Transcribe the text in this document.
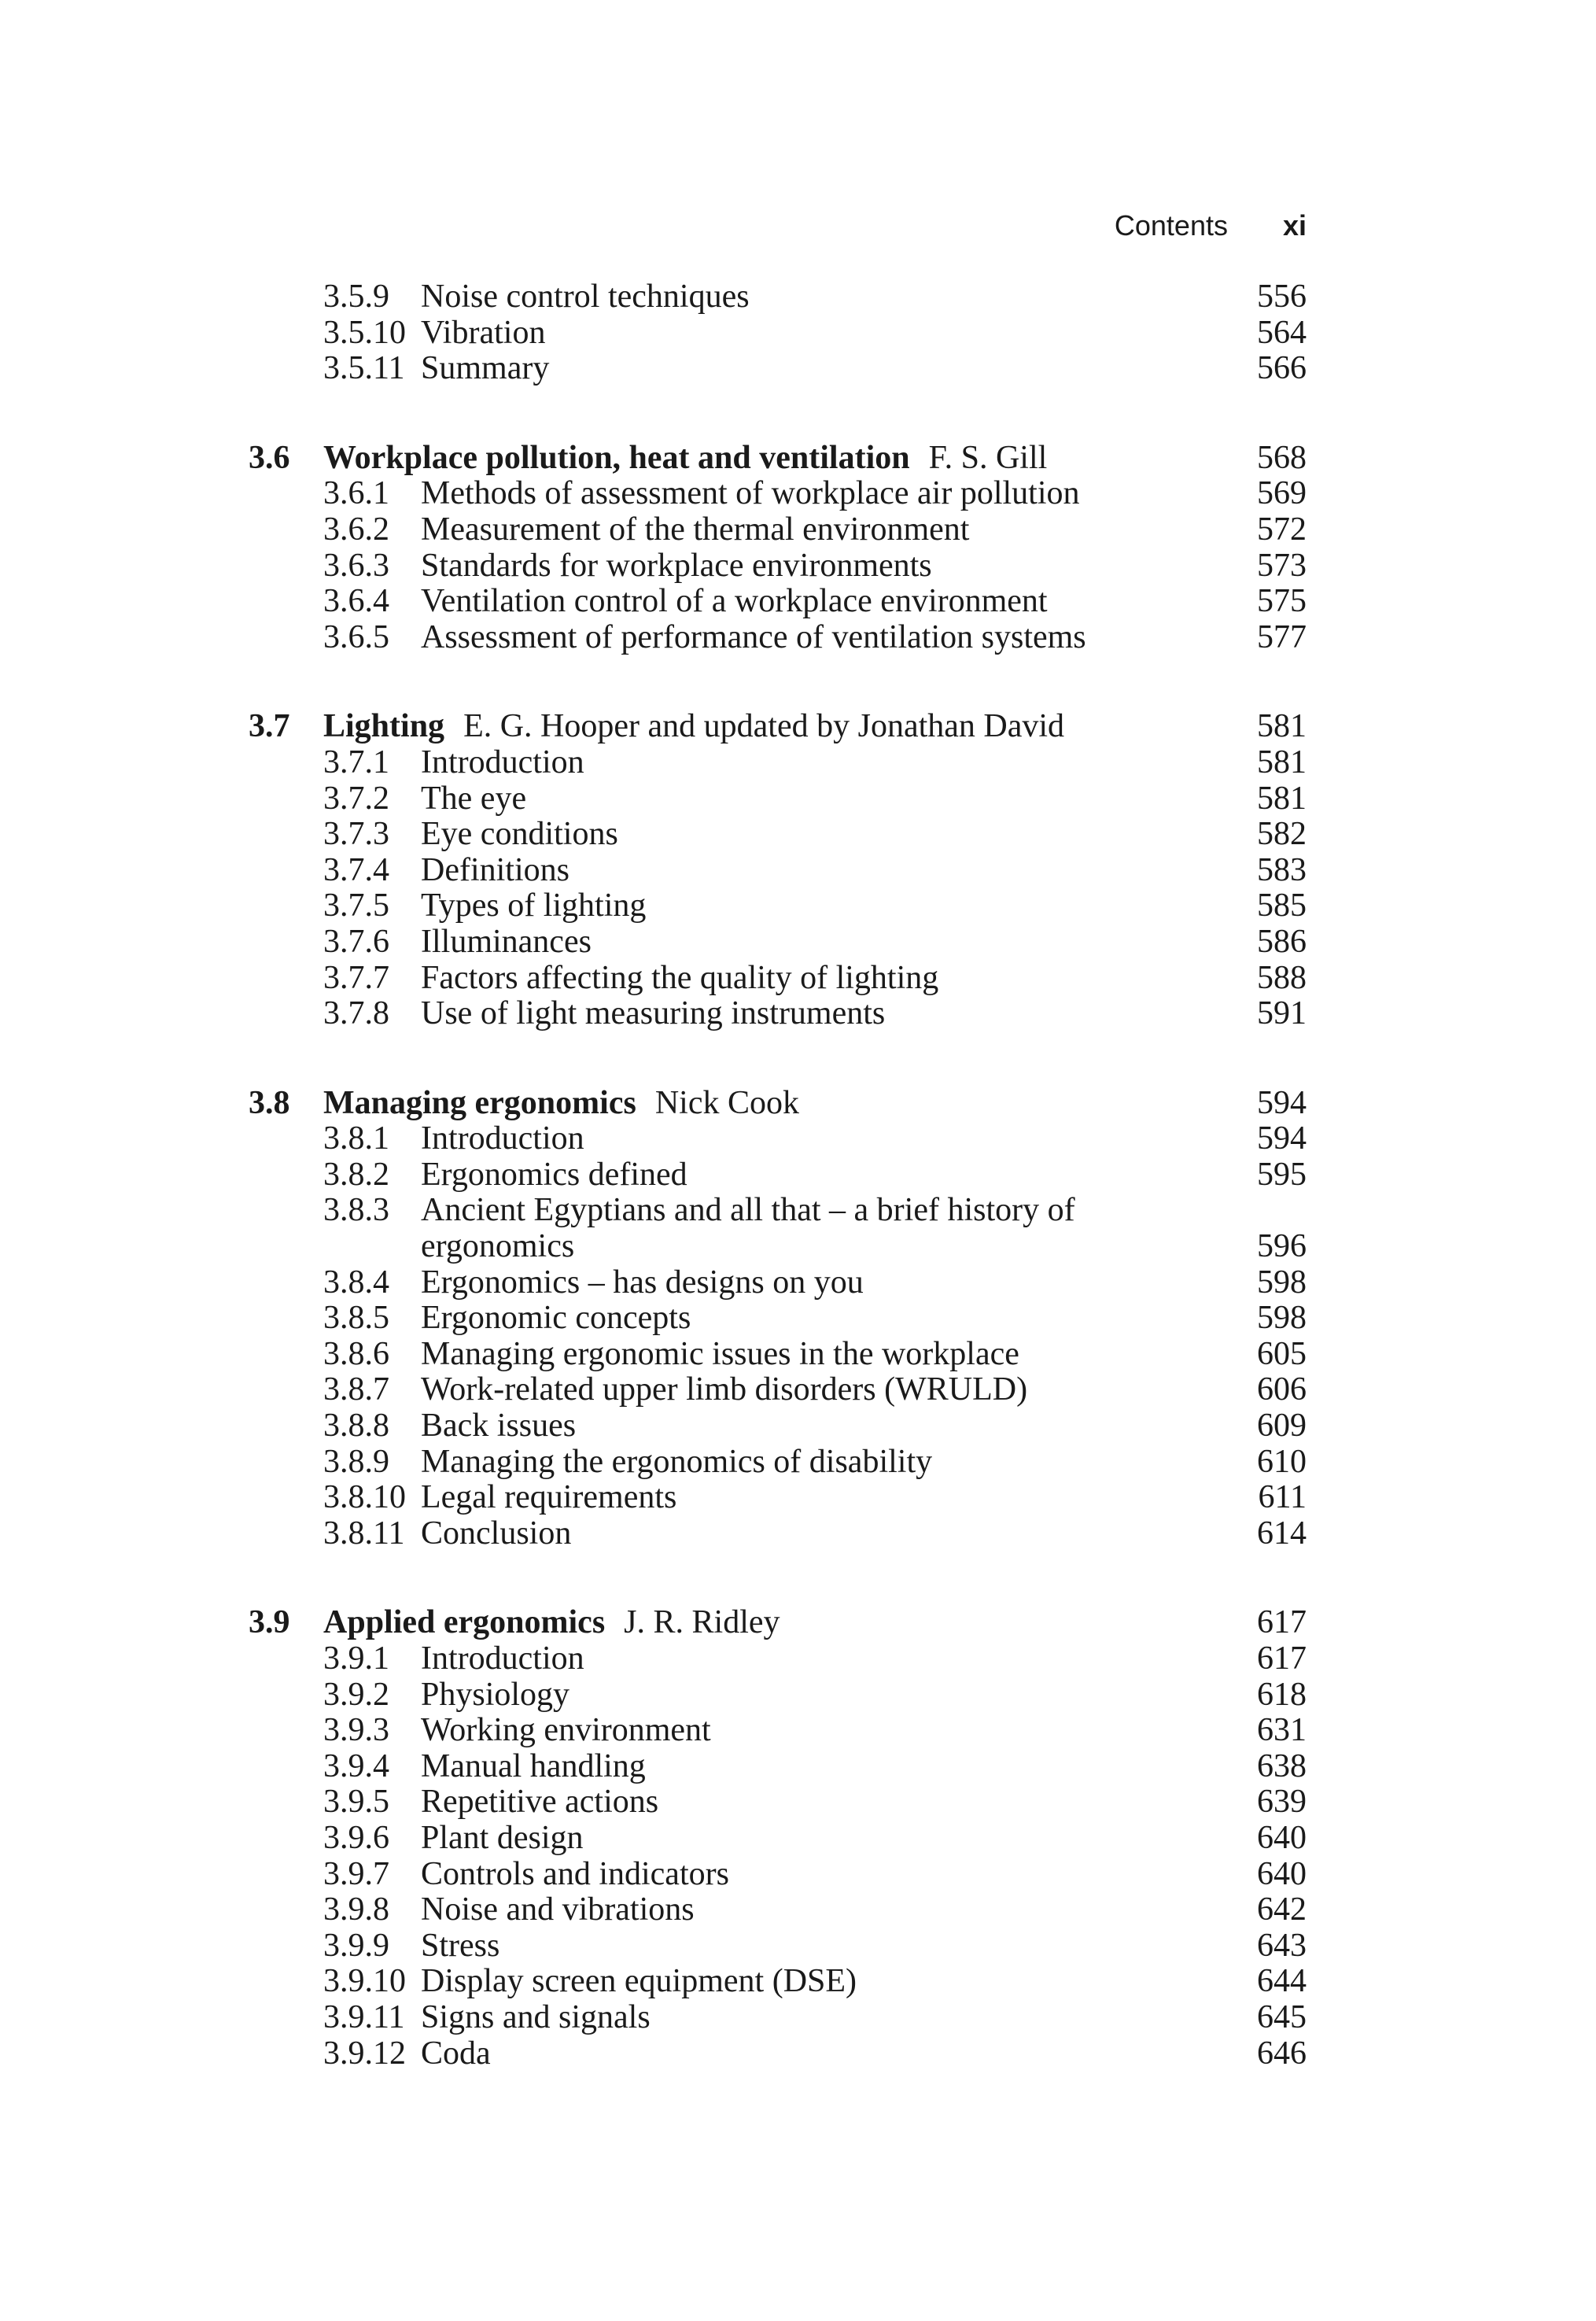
Contents xi
3.5.9 Noise control techniques	556
3.5.10 Vibration	564
3.5.11 Summary	566
3.6 Workplace pollution, heat and ventilation F. S. Gill	568
3.6.1 Methods of assessment of workplace air pollution	569
3.6.2 Measurement of the thermal environment	572
3.6.3 Standards for workplace environments	573
3.6.4 Ventilation control of a workplace environment	575
3.6.5 Assessment of performance of ventilation systems	577
3.7 Lighting E. G. Hooper and updated by Jonathan David	581
3.7.1 Introduction	581
3.7.2 The eye	581
3.7.3 Eye conditions	582
3.7.4 Definitions	583
3.7.5 Types of lighting	585
3.7.6 Illuminances	586
3.7.7 Factors affecting the quality of lighting	588
3.7.8 Use of light measuring instruments	591
3.8 Managing ergonomics Nick Cook	594
3.8.1 Introduction	594
3.8.2 Ergonomics defined	595
3.8.3 Ancient Egyptians and all that – a brief history of
ergonomics	596
3.8.4 Ergonomics – has designs on you	598
3.8.5 Ergonomic concepts	598
3.8.6 Managing ergonomic issues in the workplace	605
3.8.7 Work-related upper limb disorders (WRULD)	606
3.8.8 Back issues	609
3.8.9 Managing the ergonomics of disability	610
3.8.10 Legal requirements	611
3.8.11 Conclusion	614
3.9 Applied ergonomics J. R. Ridley	617
3.9.1 Introduction	617
3.9.2 Physiology	618
3.9.3 Working environment	631
3.9.4 Manual handling	638
3.9.5 Repetitive actions	639
3.9.6 Plant design	640
3.9.7 Controls and indicators	640
3.9.8 Noise and vibrations	642
3.9.9 Stress	643
3.9.10 Display screen equipment (DSE)	644
3.9.11 Signs and signals	645
3.9.12 Coda	646
